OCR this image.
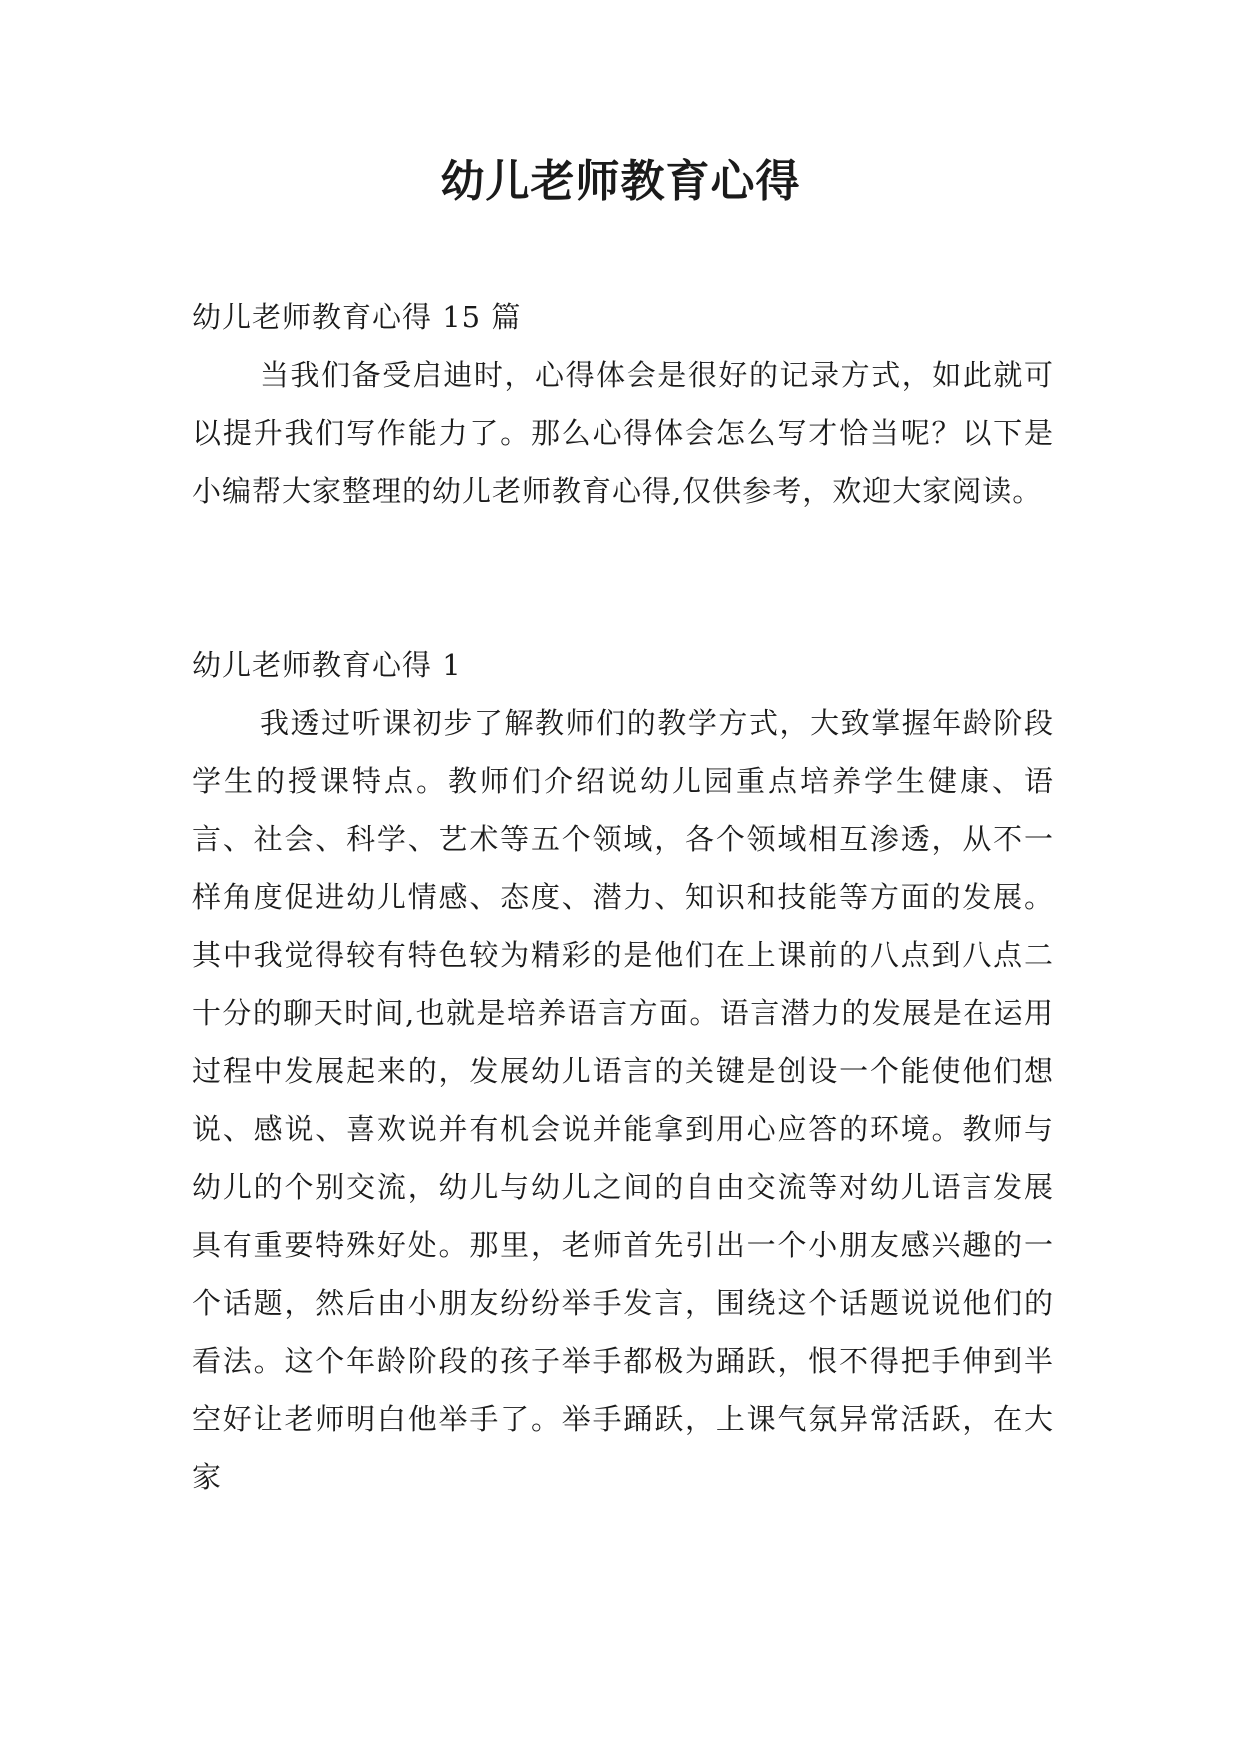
幼儿老师教育心得

幼儿老师教育心得 15 篇

当我们备受启迪时，心得体会是很好的记录方式，如此就可以提升我们写作能力了。那么心得体会怎么写才恰当呢？以下是小编帮大家整理的幼儿老师教育心得,仅供参考，欢迎大家阅读。

幼儿老师教育心得 1

我透过听课初步了解教师们的教学方式，大致掌握年龄阶段学生的授课特点。教师们介绍说幼儿园重点培养学生健康、语言、社会、科学、艺术等五个领域，各个领域相互渗透，从不一样角度促进幼儿情感、态度、潜力、知识和技能等方面的发展。其中我觉得较有特色较为精彩的是他们在上课前的八点到八点二十分的聊天时间,也就是培养语言方面。语言潜力的发展是在运用过程中发展起来的，发展幼儿语言的关键是创设一个能使他们想说、感说、喜欢说并有机会说并能拿到用心应答的环境。教师与幼儿的个别交流，幼儿与幼儿之间的自由交流等对幼儿语言发展具有重要特殊好处。那里，老师首先引出一个小朋友感兴趣的一个话题，然后由小朋友纷纷举手发言，围绕这个话题说说他们的看法。这个年龄阶段的孩子举手都极为踊跃，恨不得把手伸到半空好让老师明白他举手了。举手踊跃，上课气氛异常活跃，在大家
